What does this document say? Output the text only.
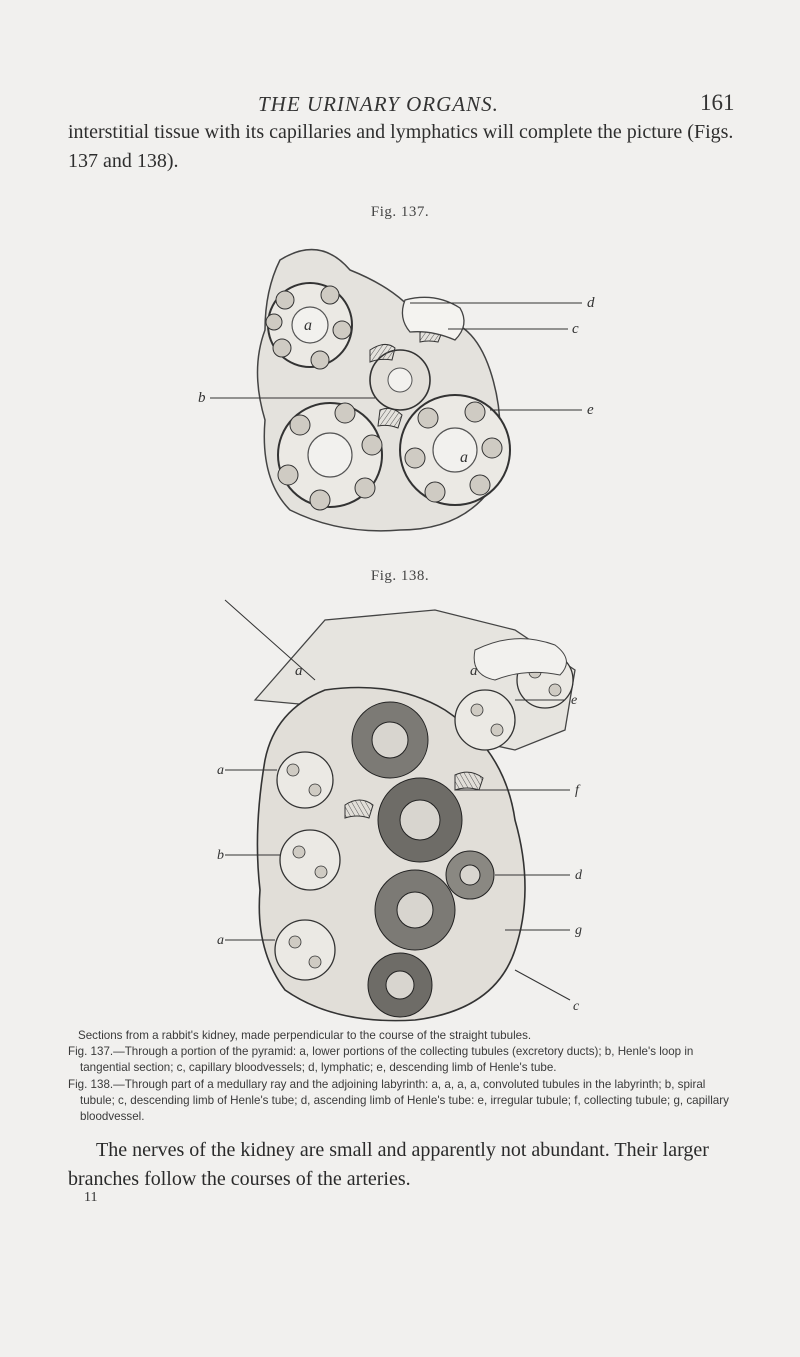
THE URINARY ORGANS.	161
interstitial tissue with its capillaries and lymphatics will complete the picture (Figs. 137 and 138).
Fig. 137.
d
c
e
b
a
a
Fig. 138.
a	a
e
a
f
b
d
g
a
c

Sections from a rabbit's kidney, made perpendicular to the course of the straight tubules.

Fig. 137.—Through a portion of the pyramid: a, lower portions of the collecting tubules (excretory ducts); b, Henle's loop in tangential section; c, capillary bloodvessels; d, lymphatic; e, descending limb of Henle's tube.

Fig. 138.—Through part of a medullary ray and the adjoining labyrinth: a, a, a, a, convoluted tubules in the labyrinth; b, spiral tubule; c, descending limb of Henle's tube; d, ascending limb of Henle's tube: e, irregular tubule; f, collecting tubule; g, capillary bloodvessel.

The nerves of the kidney are small and apparently not abundant. Their larger branches follow the courses of the arteries.

11
